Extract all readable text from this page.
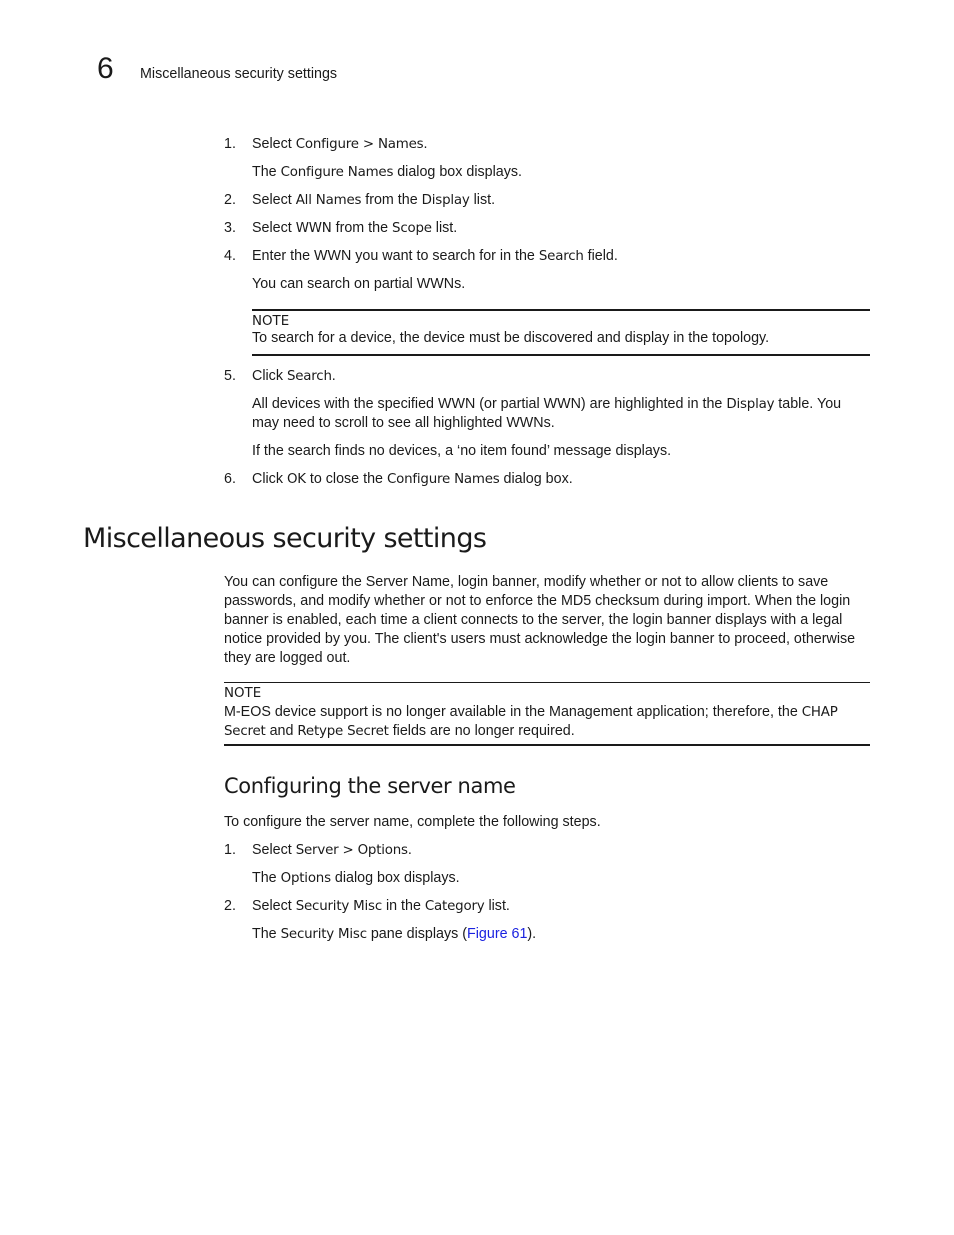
6 Miscellaneous security settings
1. Select Configure > Names.
The Configure Names dialog box displays.
2. Select All Names from the Display list.
3. Select WWN from the Scope list.
4. Enter the WWN you want to search for in the Search field.
You can search on partial WWNs.
NOTE
To search for a device, the device must be discovered and display in the topology.
5. Click Search.
All devices with the specified WWN (or partial WWN) are highlighted in the Display table. You may need to scroll to see all highlighted WWNs.
If the search finds no devices, a ‘no item found’ message displays.
6. Click OK to close the Configure Names dialog box.
Miscellaneous security settings
You can configure the Server Name, login banner, modify whether or not to allow clients to save passwords, and modify whether or not to enforce the MD5 checksum during import. When the login banner is enabled, each time a client connects to the server, the login banner displays with a legal notice provided by you. The client's users must acknowledge the login banner to proceed, otherwise they are logged out.
NOTE
M-EOS device support is no longer available in the Management application; therefore, the CHAP Secret and Retype Secret fields are no longer required.
Configuring the server name
To configure the server name, complete the following steps.
1. Select Server > Options.
The Options dialog box displays.
2. Select Security Misc in the Category list.
The Security Misc pane displays (Figure 61).
